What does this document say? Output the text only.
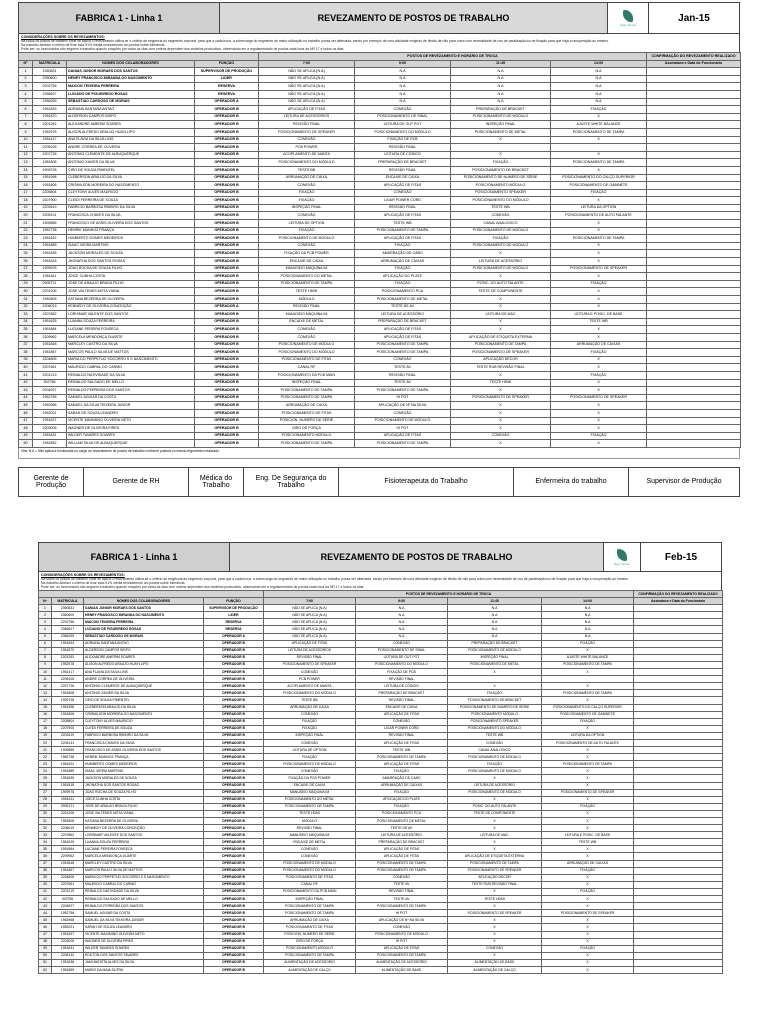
FABRICA 1 - Linha 1	REVEZAMENTO DE POSTOS DE TRABALHO
Ergo Smart
Jan-15
CONSIDERAÇÕES SOBRE OS REVEZAMENTOS:
Na todos os postos de trabalho onde se aplica o revezamento utiliza-se o critério de exigência do segmento corporal, para que a cada troca, a sobrecarga do segmento de maior utilização no trabalho possa ser alternada, sendo por exemplo de uma atividade exigindo de flexão de não para outra com necessidade de uso de paralisação/ou de fixação para que haja a recuperação ao mesmo.
Na trabalho adotam o critério de fixar toda 91% média revezamento um postos sobre tolerância.
Pode ser, os funcionários não seguem a trabalho quando rotações por todos as dias com ordens dependem dos modelos produzidos, observando em a regulamentado de postos cada hora da NR 17 e todos os dias.
				POSTOS DE REVEZAMENTO E HORÁRIO DE TROCA				CONFIRMAÇÃO DO REVEZAMENTO REALIZADO
Nº	MATRICULA	NOMES DOS COLABORADORES	FUNÇÃO	7:00	9:00	11:45	14:00	Assinatura e Data do Funcionário
1	2350831	DANIAS JUNIOR MORAES DOS SANTOS	SUPERVISOR DE PRODUÇÃO	NÃO SE APLICA (N.A)	N.A	N.A	N.A	
2	2350600	HENEY FRANCISCO MIRANDA DO NASCIMENTO	LIDER	NÃO SE APLICA (N.A)	N.A	N.A	N.A	
3	2202756	MAICON TEIXEIRA FERREIRA	RESERVA	NÃO SE APLICA (N.A)	N.A	N.A	N.A	
4	2356627	LUCIANO DE FIGUEIREDO ROSAS	RESERVA	NÃO SE APLICA (N.A)	N.A	N.A	N.A	
5	2356259	SEBASTIAO CARDOSO DE MORAIS	OPERADOR A	NÃO SE APLICA (N.A)	N.A	N.A	N.A	
6	1951833	ADRIANA SANTANA ANTAO	OPERADOR B	APLICAÇÃO DE FITAS	CONEXÃO	PREPARAÇÃO DE BRACKET	FIXAÇÃO	
7	1951870	ALDERSON CAMPOS BISPO	OPERADOR B	LEITURA DE ACESSÓRIOS	POSICIONAMENTO DE SINAL	POSICIONAMENTO DE MODULO	X	
8	2201262	ALEXANDRE AMERIM SOARES	OPERADOR B	REVISÃO FINAL	LEITURA DE OUT POT	INSPEÇÃO FINAL	AJUSTE WHITE BALANCE	
9	1952978	ALISON ALFREDO ARAUJO HUAYLLIPO	OPERADOR B	POSICIONAMENTO DE SPEAKER	POSICIONAMENTO DO MÓDULO	POSICIONAMENTO DE METAL	POSICIONAMENTO DE TAMPA	
10	1951417	ANA FLAVIA DA SILVA LINS	OPERADOR B	CONEXÃO	FIXAÇÃO DE PCB	X	X	
11	2205105	ANDRE CORREA DE OLIVEIRA	OPERADOR B	PCB POWER	REVISÃO FINAL			
12	2207726	ANTONIO CLEMENTE DE ALBUQUERQUE	OPERADOR B	ACOPLAMENTO DE MANTA	LEITURA DE CÓDIGO	X	X	
13	1951808	ANTONIO XAVIER DA SILVA	OPERADOR B	POSICIONAMENTO DO MÓDULO	PREPARAÇÃO DE BRACKET	FIXAÇÃO	POSICIONAMENTO DE TAMPA	
14	1909728	CIRO DE SOUZA PIMENTEL	OPERADOR B	TESTE BB	REVISÃO FINAL	POSICIONAMENTO DE BRACKET	X	
15	1951998	CLEBERSON ARAUJO DA SILVA	OPERADOR B	ARRUMAÇÃO DE CAIXA	ENCAIXE DE CAIXA	POSICIONAMENTO DE NUMERO DE SÉRIE	POSICIONAMENTO DO CALÇO SUPERIOR	
16	1951806	CRISMILSON MOREIRA DO NASCIMENTO	OPERADOR B	CONEXÃO	APLICAÇÃO DE FITAS	POSICIONAMENTO MÓDULO	POSICIONAMENTO DE GABINETE	
17	2205804	CLEYTONY ALVES MAURICIO	OPERADOR B	FIXAÇÃO	CONEXÃO	POSICIONAMENTO SPEAKER	FIXAÇÃO	
18	2207900	CLEIDI FERREIRA DE SOUZA	OPERADOR B	FIXAÇÃO	LIGAR POWER CORD	POSICIONAMENTO DO MÓDULO	X	
19	2202619	FABRICIO BARBOSA RIBEIRO DA SILVA	OPERADOR B	INSPEÇÃO FINAL	REVISÃO FINAL	TESTE WB	LEITURA DA OPTION	
20	2205131	FRANCISCA CHAVES DA SILVA	OPERADOR B	CONEXÃO	APLICAÇÃO DE FITAS	CONEXÃO	POSICIONAMENTO DE AUTO FALANTE	
21	1909585	FRANCISCO DE ASSIS OLIVEIRA DOS SANTOS	OPERADOR B	LEITURA DE OPTION	TESTE WB	CANAL ANALOGICO	X	
22	1952738	HENRIK MUNHOZ FRANÇA	OPERADOR B	FIXAÇÃO	POSICIONAMENTO DE TAMPA	POSICIONAMENTO DE MODULO	X	
23	1951622	HUMBERTO GOMES MEDEIROS	OPERADOR B	POSICIONAMENTO DE MODULO	APLICAÇÃO DE FITAS	FIXAÇÃO	POSICIONAMENTO DE TAMPA	
24	1951889	ISAAC VIEIRA MARTINS	OPERADOR B	CONEXÃO	FIXAÇÃO	POSICIONAMENTO DE MODULO	X	
25	1951835	JACKSON MORALES DE SOUZA	OPERADOR B	FIXAÇÃO DA PCB POWER	AMARRAÇÃO DE CABO	X	X	
26	1951818	JHONATHA DOS SANTOS ROSAS	OPERADOR B	ENCAIXE DE CAIXA	ARRUMAÇÃO DE CAIXAS	LEITURA DE ACESSÓRIO	X	
27	1909976	JOAO ROCHA DE SOUZA FILHO	OPERADOR B	MANUSEIO MÁQUINA IM	FIXAÇÃO	POSICIONAMENTO DE MODULO	POSICIONAMENTO DE SPEAKER	
28	1951811	JOICE CUNHA COSTA	OPERADOR B	POSICIONAMENTO DO METAL	APLICAÇÃO DO PLATE	X	X	
29	2905721	JOSE DE ARAUJO BRAGA FILHO	OPERADOR B	POSICIONAMENTO DE TAMPA	FIXAÇÃO	POSIC. DO AUTO FALANTE	FIXAÇÃO	
30	2201205	JOSE VALTENES MOTA VIANA	OPERADOR B	TESTE HDMI	POSICIONAMENTO PCA	TESTE DE COMPONENTE	X	
31	1952805	KATIANA BEZERRA DE OLIVEIRA	OPERADOR B	MÓDULO	POSICIONAMENTO DE METAL	X	X	
32	2206019	KENNEDY DE OLIVEIRA CONCEIÇÃO	OPERADOR A	REVISÃO FINAL	TESTE DE AV	X	X	
33	2207862	LORISMAR VALENTE DOS SANTOS	OPERADOR B	MANUSEIO MÁQUINA IM	LEITURA DE ACESSÓRIO	LEITURA DE MAC	LEITURA E POSIC. DE BASE	
34	1951625	LUANNA SOUZA FERREIRA	OPERADOR B	ENCAIXE DE METAL	PREPARAÇÃO DE BRACKET	X	TESTE WB	
35	1951884	LUCIANE PEREIRA FONSECA	OPERADOR B	CONEXÃO	APLICAÇÃO DE FITAS	X	X	
36	2209962	MARCELA MENDONÇA DUARTE	OPERADOR B	CONEXÃO	APLICAÇÃO DE FITAS	APLICAÇÃO DE ETIQUETA EXTERNA	X	
37	1951848	MARCLEY CASTRO DA SILVA	OPERADOR B	POSICIONAMENTO DE MODULO	POSICIONAMENTO DE TAMPA	POSICIONAMENTO DE TAMPA	ARRUMAÇÃO DE CAIXAS	
38	1951867	MARCOS PAULO SILVA DE MATTOS	OPERADOR B	POSICIONAMENTO DO MÓDULO	POSICIONAMENTO DE TAMPA	POSICIONAMENTO DE SPEAKER	FIXAÇÃO	
39	2204805	MARIA DO PERPETUO SOCORRO S S NASCIMENTO	OPERADOR B	POSICIONAMENTO DE FITAS	CONEXÃO	APLICAÇÃO DECOR	X	
40	2207661	MAURICIO CABRAL DO CARMO	OPERADOR B	CANAL RF	TESTE AV	TESTE RUB REVISÃO FINAL	X	
41	2201219	REINALDO NATIVIDADE DA SILVA	OPERADOR B	POSICIONAMENTO DA PCB MAIN	REVISÃO FINAL	X	FIXAÇÃO	
42	302756	REINALDO SALGADO DE MELLO	OPERADOR B	INSPEÇÃO FINAL	TESTE AV	TESTE HDMI	X	
43	2204927	REINALDO FERREIRA DOS SANTOS	OPERADOR B	POSICIONAMENTO DE TAMPA	POSICIONAMENTO DE TAMPA	X	X	
44	1952756	SAMUEL AGUIAR DA COSTA	OPERADOR B	POSICIONAMENTO DE TAMPA	HI POT	POSICIONAMENTO DE SPEAKER	POSICIONAMENTO DE SPEAKER	
45	1952968	SAMUEL DA SILVA TEIXEIRA JUNIOR	OPERADOR B	ARRUMAÇÃO DE CAIXA	APLICAÇÃO DE Nº NA SILVA	X	X	
46	1952021	SARAH DE SOUZA LEANDRO	OPERADOR B	POSICIONAMENTO DE FITAS	CONEXÃO	X	X	
47	1951637	VICENTE MAXIMINO OLIVEIRA NETO	OPERADOR B	POSICION. NUMERO DE SÉRIE	POSICIONAMENTO DE MÓDULO	X	X	
48	2203005	WAGNER DE OLIVEIRA PIRES	OPERADOR B	GIRO DE FORÇA	HI POT	X	X	
49	1951831	WILDER TAVARES SOARES	OPERADOR B	POSICIONAMENTO MÓDULO	APLICAÇÃO DE FITAS	CONEXÃO	FIXAÇÃO	
50	1951852	WILLIAM SILVA DE ALBUQUERQUE	OPERADOR B	POSICIONAMENTO DE TAMPA	POSICIONAMENTO DE TAMPA	X	X	
Obs: N.A = Não aplica a fundionária ou cargo ao revezamento de postos de trabalho conforme postura ou estudo ergonômico realizado.
Gerente de Produção	Gerente de RH	Médica do Trabalho
Eng. De Segurança do Trabalho	Fisioterapeuta do Trabalho	Enfermeira do trabalho	Supervisor de Produção
FABRICA 1 - Linha 1	REVEZAMENTO DE POSTOS DE TRABALHO
Ergo Smart
Feb-15
CONSIDERAÇÕES SOBRE OS REVEZAMENTOS:
Na todos os postos de trabalho onde se aplica o revezamento utiliza-se o critério de exigência do segmento corporal, para que a cada troca, a sobrecarga do segmento de maior utilização no trabalho possa ser alternada, sendo por exemplo de uma atividade exigindo de flexão de não para outra com necessidade de uso de paralisação/ou de fixação para que haja a recuperação ao mesmo.
Na trabalho adotam o critério de fixar toda 91% média revezamento um postos sobre tolerância.
Pode ser, os funcionários não seguem a trabalho quando rotações por todos as dias com ordens dependem dos modelos produzidos, observando em a regulamentado de postos cada hora da NR 17 e todos os dias.
				POSTOS DE REVEZAMENTO E HORÁRIO DE TROCA				CONFIRMAÇÃO DO REVEZAMENTO REALIZADO
Nº	MATRICULA	NOMES DOS COLABORADORES	FUNÇÃO	7:00	9:00	11:45	14:00	Assinatura e Data do Funcionário
1	2350831	DANIAS JUNIOR MORAES DOS SANTOS	SUPERVISOR DE PRODUÇÃO	NÃO SE APLICA (N.A)	N.A	N.A	N.A	
2	2350600	HENEY FRANCISCO MIRANDA DO NASCIMENTO	LIDER	NÃO SE APLICA (N.A)	N.A	N.A	N.A	
3	2202756	MAICON TEIXEIRA FERREIRA	RESERVA	NÃO SE APLICA (N.A)	N.A	N.A	N.A	
4	2356627	LUCIANO DE FIGUEIREDO ROSAS	RESERVA	NÃO SE APLICA (N.A)	N.A	N.A	N.A	
5	2356259	SEBASTIAO CARDOSO DE MORAIS	OPERADOR A	NÃO SE APLICA (N.A)	N.A	N.A	N.A	
6	1951833	ADRIANA SANTANA ANTAO	OPERADOR B	APLICAÇÃO DE FITAS	CONEXÃO	PREPARAÇÃO DE BRACKET	FIXAÇÃO	
7	1951870	ALDERSON CAMPOS BISPO	OPERADOR B	LEITURA DE ACESSÓRIOS	POSICIONAMENTO DE SINAL	POSICIONAMENTO DE MODULO	X	
8	2201262	ALEXANDRE AMERIM SOARES	OPERADOR B	REVISÃO FINAL	LEITURA DE OUT POT	INSPEÇÃO FINAL	AJUSTE WHITE BALANCE	
9	1952978	ALISON ALFREDO ARAUJO HUAYLLIPO	OPERADOR B	POSICIONAMENTO DE SPEAKER	POSICIONAMENTO DO MÓDULO	POSICIONAMENTO DE METAL	POSICIONAMENTO DE TAMPA	
10	1951417	ANA FLAVIA DA SILVA LINS	OPERADOR B	CONEXÃO	FIXAÇÃO DE PCB	X	X	
11	2205105	ANDRE CORREA DE OLIVEIRA	OPERADOR B	PCB POWER	REVISÃO FINAL			
12	2207726	ANTONIO CLEMENTE DE ALBUQUERQUE	OPERADOR B	ACOPLAMENTO DE MANTA	LEITURA DE CÓDIGO	X	X	
13	1951808	ANTONIO XAVIER DA SILVA	OPERADOR B	POSICIONAMENTO DO MÓDULO	PREPARAÇÃO DE BRACKET	FIXAÇÃO	POSICIONAMENTO DE TAMPA	
14	1909728	CIRO DE SOUZA PIMENTEL	OPERADOR B	TESTE BB	REVISÃO FINAL	POSICIONAMENTO DE BRACKET	X	
15	1951998	CLEBERSON ARAUJO DA SILVA	OPERADOR B	ARRUMAÇÃO DE CAIXA	ENCAIXE DE CAIXA	POSICIONAMENTO DE NUMERO DE SÉRIE	POSICIONAMENTO DO CALÇO SUPERIOR	
16	1951806	CRISMILSON MOREIRA DO NASCIMENTO	OPERADOR B	CONEXÃO	APLICAÇÃO DE FITAS	POSICIONAMENTO MÓDULO	POSICIONAMENTO DE GABINETE	
17	2205804	CLEYTONY ALVES MAURICIO	OPERADOR B	FIXAÇÃO	CONEXÃO	POSICIONAMENTO SPEAKER	FIXAÇÃO	
18	2207900	CLEIDI FERREIRA DE SOUZA	OPERADOR B	FIXAÇÃO	LIGAR POWER CORD	POSICIONAMENTO DO MÓDULO	X	
19	2202619	FABRICIO BARBOSA RIBEIRO DA SILVA	OPERADOR B	INSPEÇÃO FINAL	REVISÃO FINAL	TESTE WB	LEITURA DA OPTION	
20	2205131	FRANCISCA CHAVES DA SILVA	OPERADOR B	CONEXÃO	APLICAÇÃO DE FITAS	CONEXÃO	POSICIONAMENTO DE AUTO FALANTE	
21	1909585	FRANCISCO DE ASSIS OLIVEIRA DOS SANTOS	OPERADOR B	LEITURA DE OPTION	TESTE WB	CANAL ANALOGICO	X	
22	1952738	HENRIK MUNHOZ FRANÇA	OPERADOR B	FIXAÇÃO	POSICIONAMENTO DE TAMPA	POSICIONAMENTO DE MODULO	X	
23	1951622	HUMBERTO GOMES MEDEIROS	OPERADOR B	POSICIONAMENTO DE MODULO	APLICAÇÃO DE FITAS	FIXAÇÃO	POSICIONAMENTO DE TAMPA	
24	1951889	ISAAC VIEIRA MARTINS	OPERADOR B	CONEXÃO	FIXAÇÃO	POSICIONAMENTO DE MODULO	X	
25	1951835	JACKSON MORALES DE SOUZA	OPERADOR B	FIXAÇÃO DA PCB POWER	AMARRAÇÃO DE CABO	X	X	
26	1951818	JHONATHA DOS SANTOS ROSAS	OPERADOR B	ENCAIXE DE CAIXA	ARRUMAÇÃO DE CAIXAS	LEITURA DE ACESSÓRIO	X	
27	1909976	JOAO ROCHA DE SOUZA FILHO	OPERADOR B	MANUSEIO MÁQUINA IM	FIXAÇÃO	POSICIONAMENTO DE MODULO	POSICIONAMENTO DE SPEAKER	
28	1951811	JOICE CUNHA COSTA	OPERADOR B	POSICIONAMENTO DO METAL	APLICAÇÃO DO PLATE	X	X	
29	2905721	JOSE DE ARAUJO BRAGA FILHO	OPERADOR B	POSICIONAMENTO DE TAMPA	FIXAÇÃO	POSIC. DO AUTO FALANTE	FIXAÇÃO	
30	2201205	JOSE VALTENES MOTA VIANA	OPERADOR B	TESTE HDMI	POSICIONAMENTO PCA	TESTE DE COMPONENTE	X	
31	1952805	KATIANA BEZERRA DE OLIVEIRA	OPERADOR B	MÓDULO	POSICIONAMENTO DE METAL	X	X	
32	2206019	KENNEDY DE OLIVEIRA CONCEIÇÃO	OPERADOR A	REVISÃO FINAL	TESTE DE AV	X	X	
33	2207862	LORISMAR VALENTE DOS SANTOS	OPERADOR B	MANUSEIO MÁQUINA IM	LEITURA DE ACESSÓRIO	LEITURA DE MAC	LEITURA E POSIC. DE BASE	
34	1951625	LUANNA SOUZA FERREIRA	OPERADOR B	ENCAIXE DE METAL	PREPARAÇÃO DE BRACKET	X	TESTE WB	
35	1951884	LUCIANE PEREIRA FONSECA	OPERADOR B	CONEXÃO	APLICAÇÃO DE FITAS	X	X	
36	2209962	MARCELA MENDONÇA DUARTE	OPERADOR B	CONEXÃO	APLICAÇÃO DE FITAS	APLICAÇÃO DE ETIQUETA EXTERNA	X	
37	1951848	MARCLEY CASTRO DA SILVA	OPERADOR B	POSICIONAMENTO DE MODULO	POSICIONAMENTO DE TAMPA	POSICIONAMENTO DE TAMPA	ARRUMAÇÃO DE CAIXAS	
38	1951867	MARCOS PAULO SILVA DE MATTOS	OPERADOR B	POSICIONAMENTO DO MÓDULO	POSICIONAMENTO DE TAMPA	POSICIONAMENTO DE SPEAKER	FIXAÇÃO	
39	2204805	MARIA DO PERPETUO SOCORRO S S NASCIMENTO	OPERADOR B	POSICIONAMENTO DE FITAS	CONEXÃO	APLICAÇÃO DECOR	X	
40	2207661	MAURICIO CABRAL DO CARMO	OPERADOR B	CANAL RF	TESTE AV	TESTE RUB REVISÃO FINAL	X	
41	2201219	REINALDO NATIVIDADE DA SILVA	OPERADOR B	POSICIONAMENTO DA PCB MAIN	REVISÃO FINAL	X	FIXAÇÃO	
42	302756	REINALDO SALGADO DE MELLO	OPERADOR B	INSPEÇÃO FINAL	TESTE AV	TESTE HDMI	X	
43	2204927	REINALDO FERREIRA DOS SANTOS	OPERADOR B	POSICIONAMENTO DE TAMPA	POSICIONAMENTO DE TAMPA	X	X	
44	1952756	SAMUEL AGUIAR DA COSTA	OPERADOR B	POSICIONAMENTO DE TAMPA	HI POT	POSICIONAMENTO DE SPEAKER	POSICIONAMENTO DE SPEAKER	
45	1952968	SAMUEL DA SILVA TEIXEIRA JUNIOR	OPERADOR B	ARRUMAÇÃO DE CAIXA	APLICAÇÃO DE Nº NA SILVA	X	X	
46	1952021	SARAH DE SOUZA LEANDRO	OPERADOR B	POSICIONAMENTO DE FITAS	CONEXÃO	X	X	
47	1951637	VICENTE MAXIMINO OLIVEIRA NETO	OPERADOR B	POSICION. NUMERO DE SÉRIE	POSICIONAMENTO DE MÓDULO	X	X	
48	2203005	WAGNER DE OLIVEIRA PIRES	OPERADOR B	GIRO DE FORÇA	HI POT	X	X	
49	1951831	WILDER TAVARES SOARES	OPERADOR B	POSICIONAMENTO MÓDULO	APLICAÇÃO DE FITAS	CONEXÃO	FIXAÇÃO	
50	2208132	EDILTON DOS SANTOS TAVARES	OPERADOR B	POSICIONAMENTO DE TAMPA	POSICIONAMENTO DE TAMPA	X	X	
51	1951838	JAMI BATISTA ALVES DA SILVA	OPERADOR B	ALIMENTAÇÃO DE ACESSORIO	ALIMENTAÇÃO DE ACESSÓRIO	ALIMENTAÇÃO DE BASE	X	
52	1951859	MARIO DA MAIA DUTRA	OPERADOR B	ALIMENTAÇÃO DE CALÇO	ALIMENTAÇÃO DE BASE	ALIMENTAÇÃO DE CALÇO	X	
